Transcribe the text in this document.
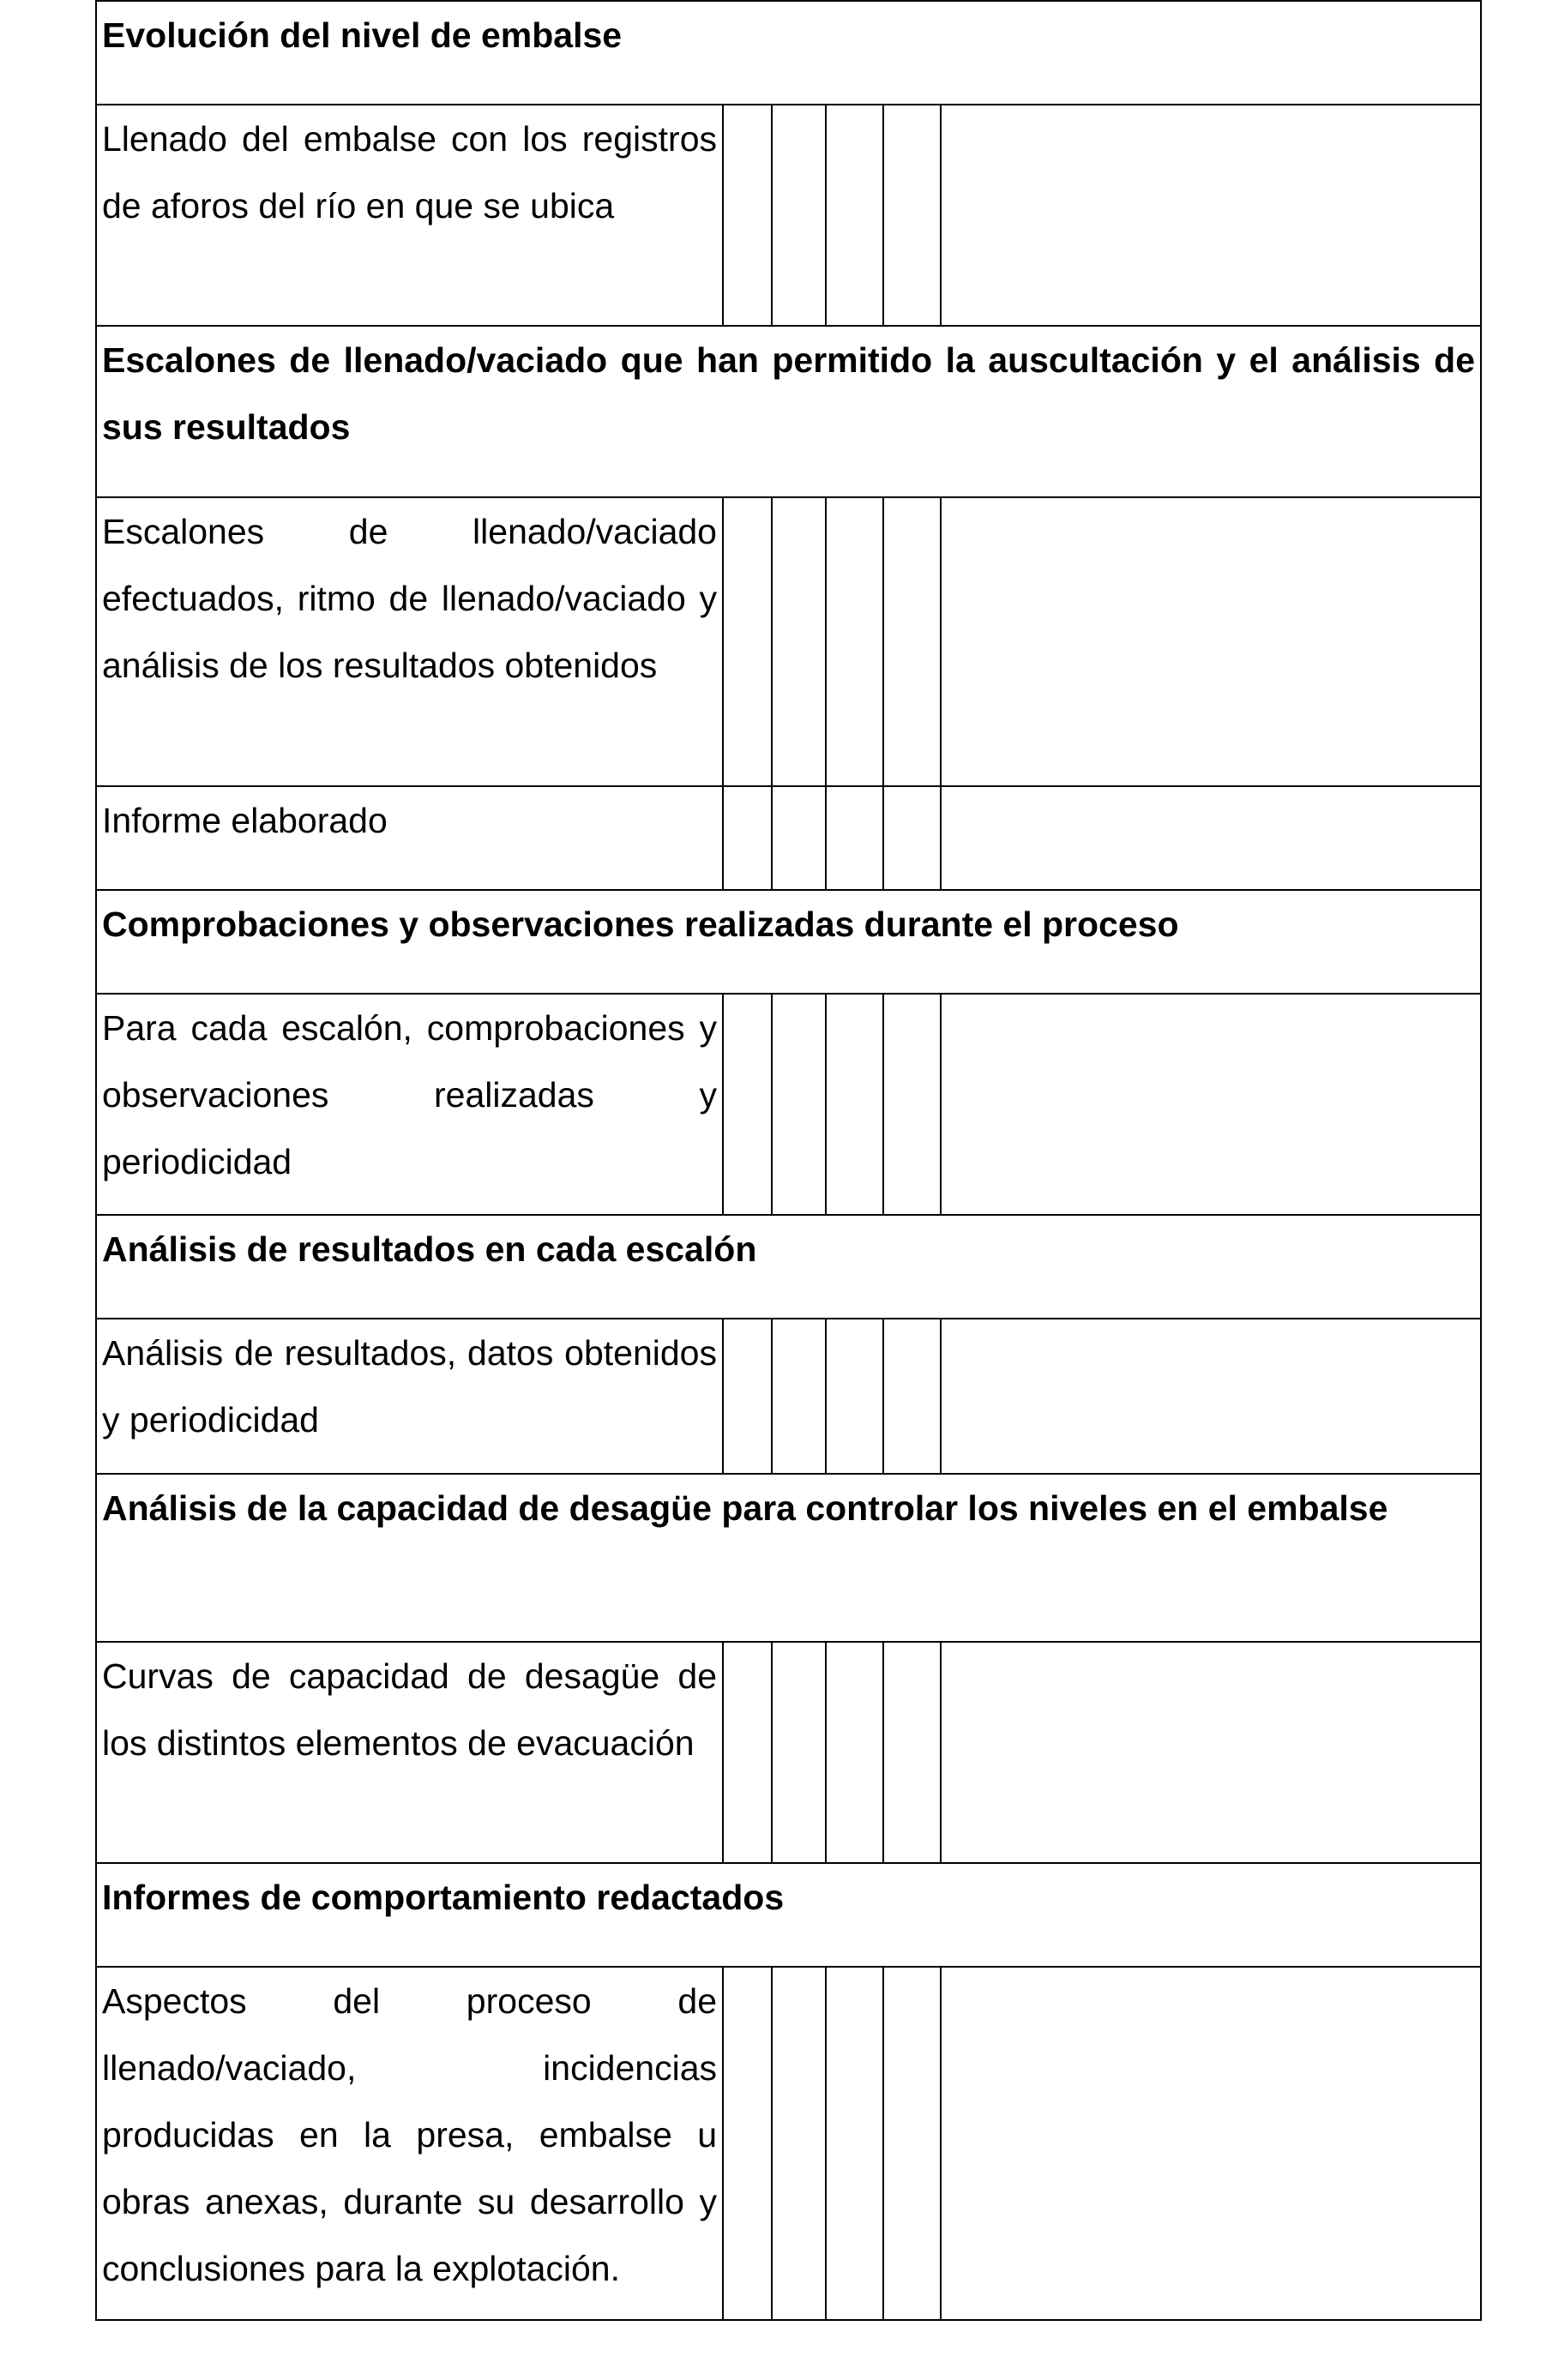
Evolución del nivel de embalse					

Llenado del embalse con los registros de aforos del río en que se ubica					

Escalones de llenado/vaciado que han permitido la auscultación y el análisis de sus resultados					

Escalones de llenado/vaciado efectuados, ritmo de llenado/vaciado y análisis de los resultados obtenidos					

Informe elaborado					

Comprobaciones y observaciones realizadas durante el proceso					

Para cada escalón, comprobaciones y observaciones realizadas y periodicidad					

Análisis de resultados en cada escalón					

Análisis de resultados, datos obtenidos y periodicidad					

Análisis de la capacidad de desagüe para controlar los niveles en el embalse					

Curvas de capacidad de desagüe de los distintos elementos de evacuación					

Informes de comportamiento redactados					

Aspectos del proceso de llenado/vaciado, incidencias producidas en la presa, embalse u obras anexas, durante su desarrollo y conclusiones para la explotación.					
